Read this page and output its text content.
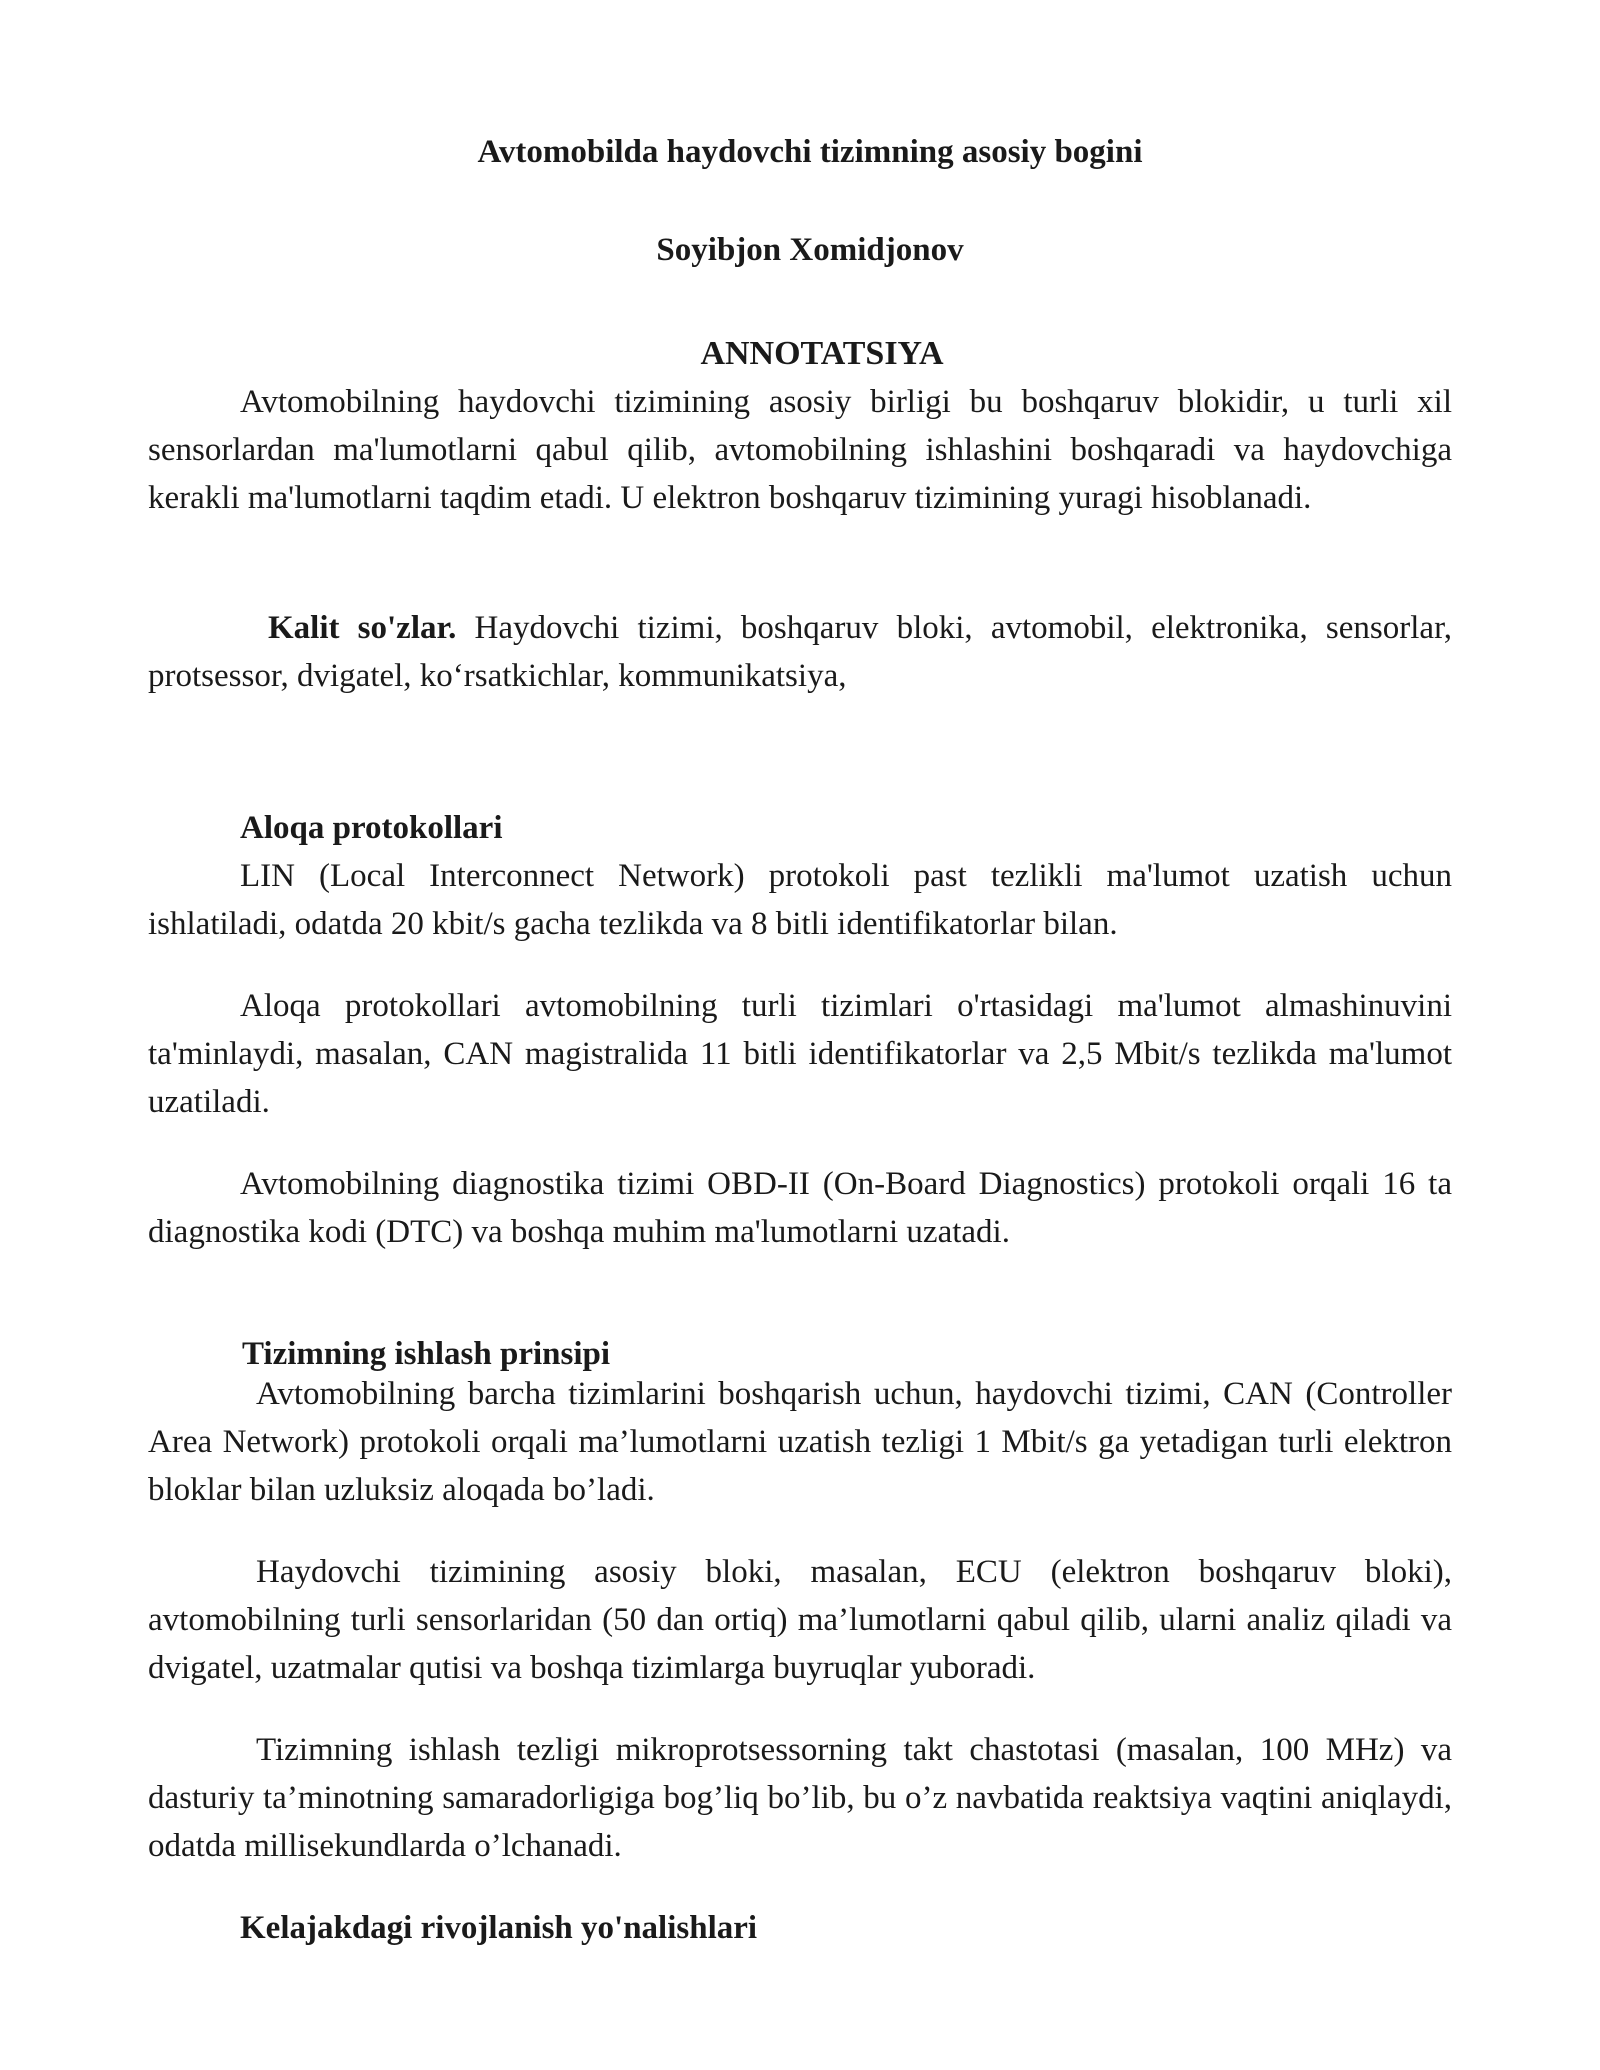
Avtomobilda haydovchi tizimning asosiy bogini
Soyibjon Xomidjonov
ANNOTATSIYA

Avtomobilning haydovchi tizimining asosiy birligi bu boshqaruv blokidir, u turli xil sensorlardan ma'lumotlarni qabul qilib, avtomobilning ishlashini boshqaradi va haydovchiga kerakli ma'lumotlarni taqdim etadi. U elektron boshqaruv tizimining yuragi hisoblanadi.

Kalit so'zlar. Haydovchi tizimi, boshqaruv bloki, avtomobil, elektronika, sensorlar, protsessor, dvigatel, ko‘rsatkichlar, kommunikatsiya,

Aloqa protokollari

LIN (Local Interconnect Network) protokoli past tezlikli ma'lumot uzatish uchun ishlatiladi, odatda 20 kbit/s gacha tezlikda va 8 bitli identifikatorlar bilan.

Aloqa protokollari avtomobilning turli tizimlari o'rtasidagi ma'lumot almashinuvini ta'minlaydi, masalan, CAN magistralida 11 bitli identifikatorlar va 2,5 Mbit/s tezlikda ma'lumot uzatiladi.

Avtomobilning diagnostika tizimi OBD-II (On-Board Diagnostics) protokoli orqali 16 ta diagnostika kodi (DTC) va boshqa muhim ma'lumotlarni uzatadi.

Tizimning ishlash prinsipi

Avtomobilning barcha tizimlarini boshqarish uchun, haydovchi tizimi, CAN (Controller Area Network) protokoli orqali ma’lumotlarni uzatish tezligi 1 Mbit/s ga yetadigan turli elektron bloklar bilan uzluksiz aloqada bo’ladi.

Haydovchi tizimining asosiy bloki, masalan, ECU (elektron boshqaruv bloki), avtomobilning turli sensorlaridan (50 dan ortiq) ma’lumotlarni qabul qilib, ularni analiz qiladi va dvigatel, uzatmalar qutisi va boshqa tizimlarga buyruqlar yuboradi.

Tizimning ishlash tezligi mikroprotsessorning takt chastotasi (masalan, 100 MHz) va dasturiy ta’minotning samaradorligiga bog’liq bo’lib, bu o’z navbatida reaktsiya vaqtini aniqlaydi, odatda millisekundlarda o’lchanadi.

Kelajakdagi rivojlanish yo'nalishlari
